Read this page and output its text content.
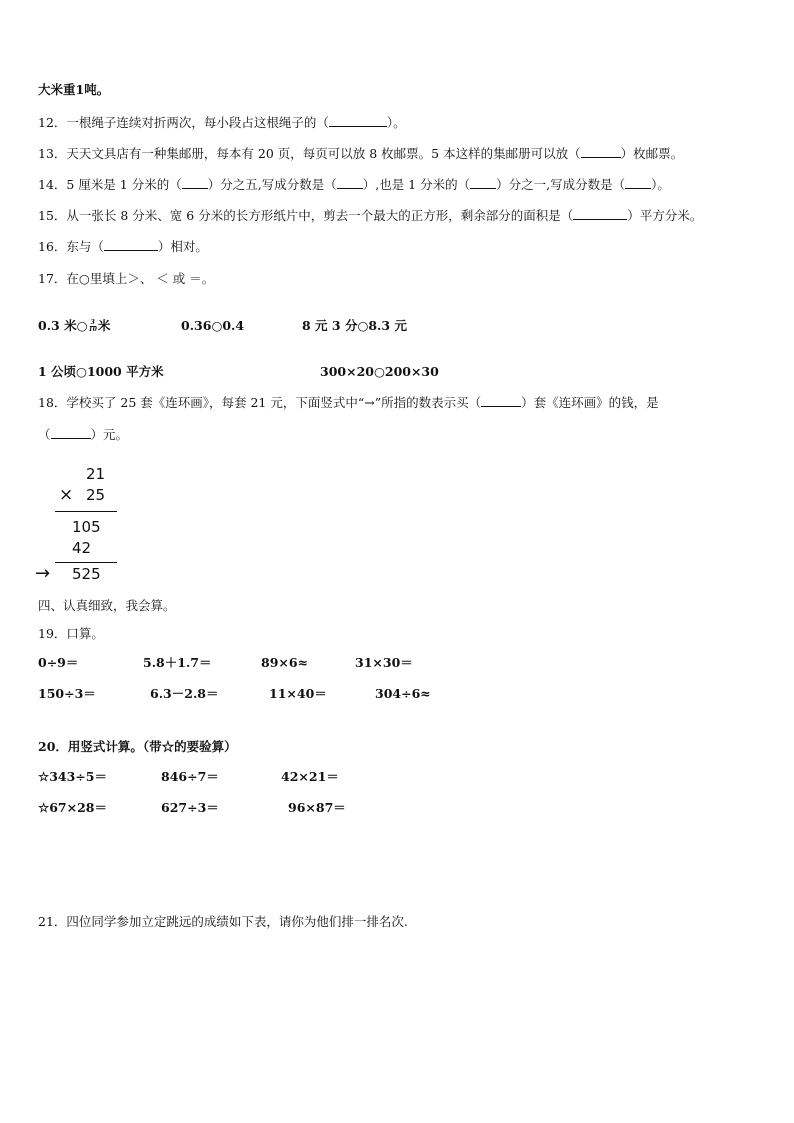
大米重1吨。
12．一根绳子连续对折两次，每小段占这根绳子的（	）。
13．天天文具店有一种集邮册，每本有 20 页，每页可以放 8 枚邮票。5 本这样的集邮册可以放（	）枚邮票。
14．5 厘米是 1 分米的（ ）分之五,写成分数是（ ）,也是 1 分米的（ ）分之一,写成分数是（ ）。
15．从一张长 8 分米、宽 6 分米的长方形纸片中，剪去一个最大的正方形，剩余部分的面积是（	）平方分米。
16．东与（	）相对。
17．在○里填上＞、 ＜ 或 ＝。
0.3 米○ $\frac{3}{10}$ 米	0.36○0.4	8 元 3 分○8.3 元
1 公顷○1000 平方米	300×20○200×30
18．学校买了 25 套《连环画》，每套 21 元，下面竖式中“→”所指的数表示买（	）套《连环画》的钱，是
（	）元。
21
× 25
105
42
→ 525
四、认真细致，我会算。
19．口算。
0÷9＝	5.8＋1.7＝	89×6≈	31×30＝
150÷3＝	6.3－2.8＝	11×40＝	304÷6≈
20．用竖式计算。（带☆的要验算）
☆343÷5＝	846÷7＝	42×21＝
☆67×28＝	627÷3＝	96×87＝
21．四位同学参加立定跳远的成绩如下表，请你为他们排一排名次.
